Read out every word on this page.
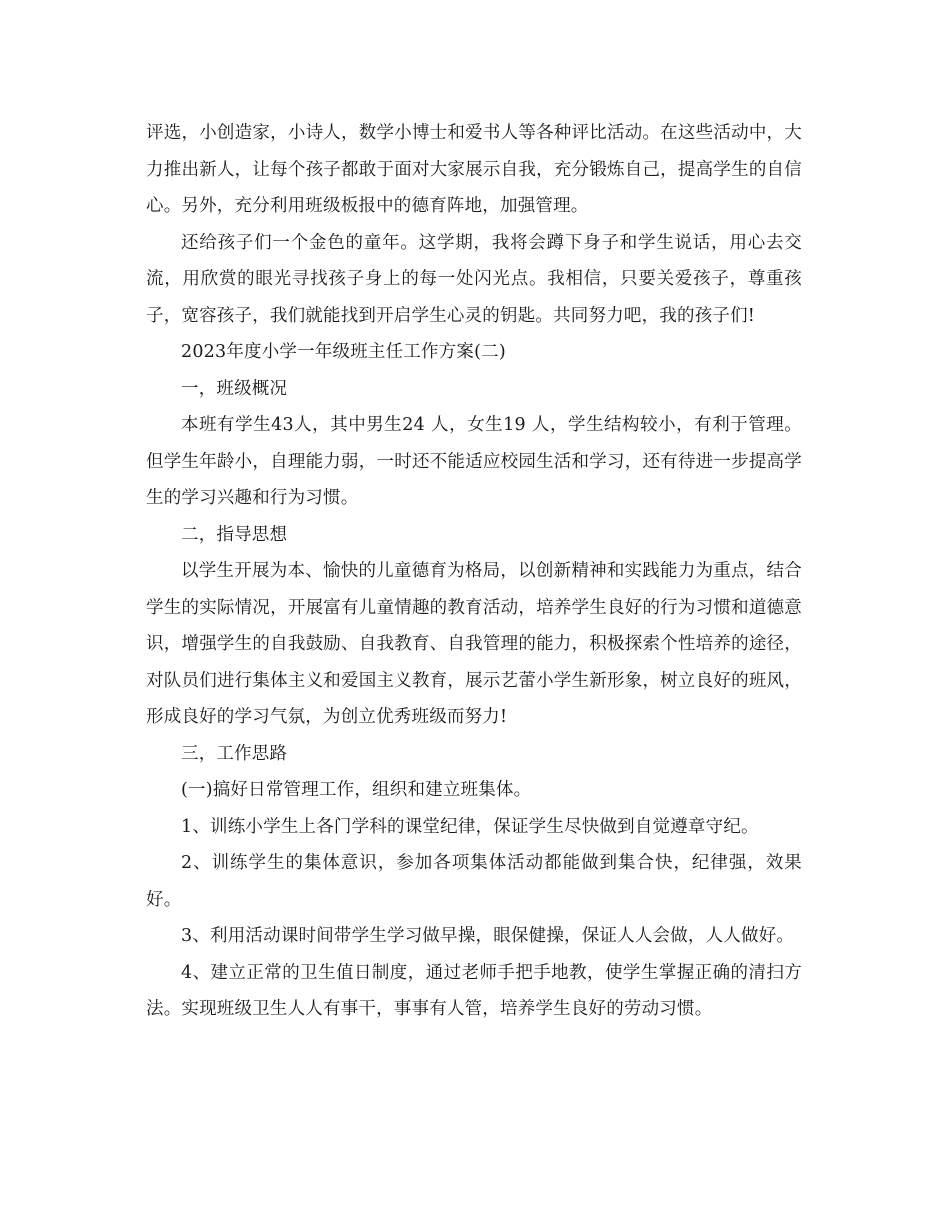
评选，小创造家，小诗人，数学小博士和爱书人等各种评比活动。在这些活动中，大力推出新人，让每个孩子都敢于面对大家展示自我，充分锻炼自己，提高学生的自信心。另外，充分利用班级板报中的德育阵地，加强管理。

还给孩子们一个金色的童年。这学期，我将会蹲下身子和学生说话，用心去交流，用欣赏的眼光寻找孩子身上的每一处闪光点。我相信，只要关爱孩子，尊重孩子，宽容孩子，我们就能找到开启学生心灵的钥匙。共同努力吧，我的孩子们!

2023年度小学一年级班主任工作方案(二)

一，班级概况

本班有学生43人，其中男生24 人，女生19 人，学生结构较小，有利于管理。但学生年龄小，自理能力弱，一时还不能适应校园生活和学习，还有待进一步提高学生的学习兴趣和行为习惯。

二，指导思想

以学生开展为本、愉快的儿童德育为格局，以创新精神和实践能力为重点，结合学生的实际情况，开展富有儿童情趣的教育活动，培养学生良好的行为习惯和道德意识，增强学生的自我鼓励、自我教育、自我管理的能力，积极探索个性培养的途径，对队员们进行集体主义和爱国主义教育，展示艺蕾小学生新形象，树立良好的班风，形成良好的学习气氛，为创立优秀班级而努力!

三，工作思路

(一)搞好日常管理工作，组织和建立班集体。

1、训练小学生上各门学科的课堂纪律，保证学生尽快做到自觉遵章守纪。

2、训练学生的集体意识，参加各项集体活动都能做到集合快，纪律强，效果好。

3、利用活动课时间带学生学习做早操，眼保健操，保证人人会做，人人做好。

4、建立正常的卫生值日制度，通过老师手把手地教，使学生掌握正确的清扫方法。实现班级卫生人人有事干，事事有人管，培养学生良好的劳动习惯。
